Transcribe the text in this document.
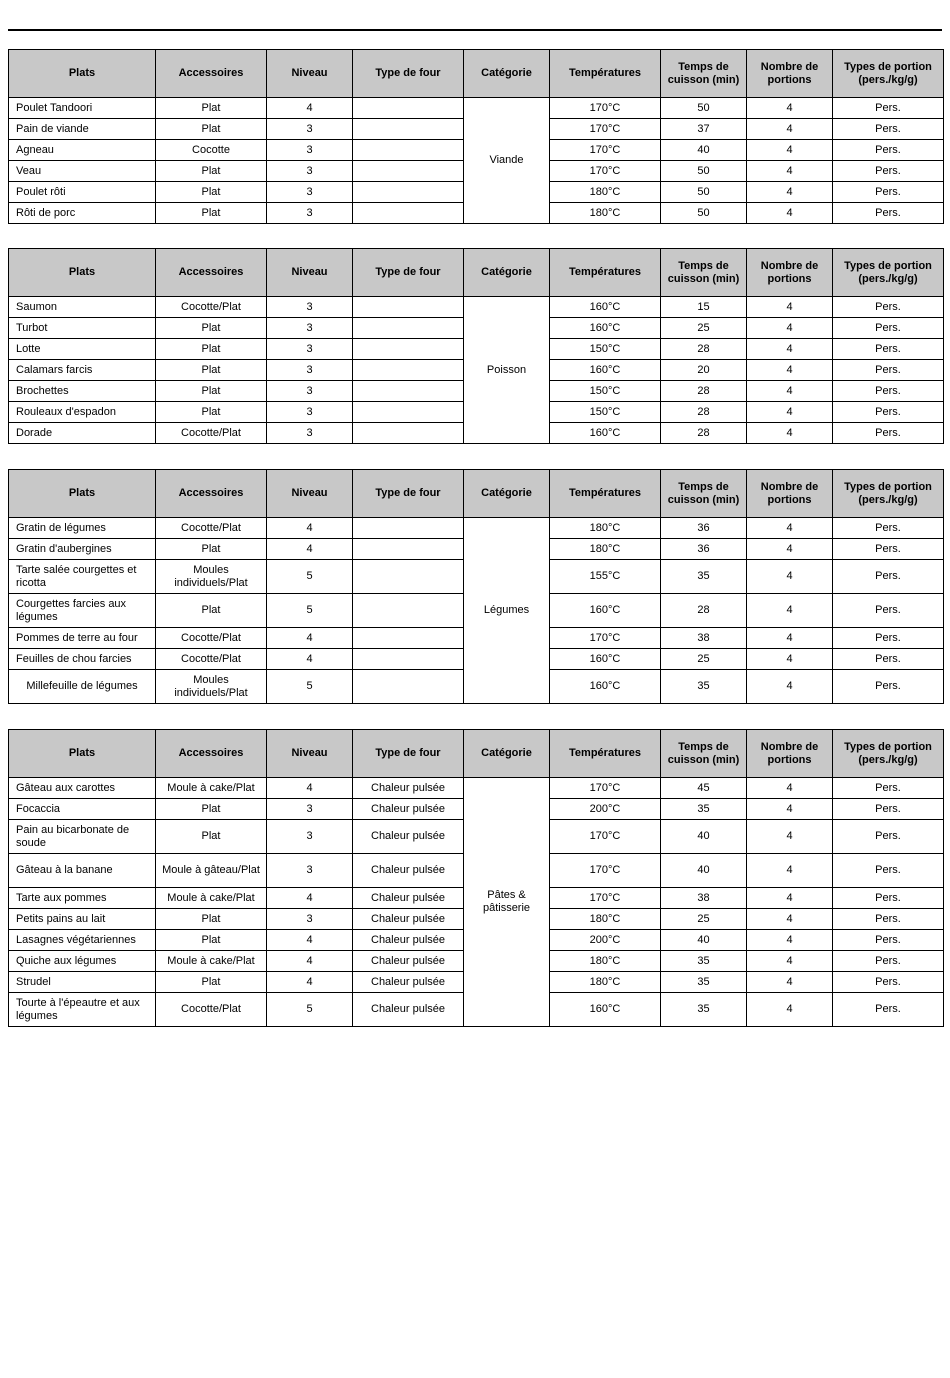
Plats	Accessoires	Niveau	Type de four	Catégorie	Températures	Temps de cuisson (min)	Nombre de portions	Types de portion (pers./kg/g)
Poulet Tandoori	Plat	4		Viande	170°C	50	4	Pers.
Pain de viande	Plat	3			170°C	37	4	Pers.
Agneau	Cocotte	3			170°C	40	4	Pers.
Veau	Plat	3			170°C	50	4	Pers.
Poulet rôti	Plat	3			180°C	50	4	Pers.
Rôti de porc	Plat	3			180°C	50	4	Pers.
Plats	Accessoires	Niveau	Type de four	Catégorie	Températures	Temps de cuisson (min)	Nombre de portions	Types de portion (pers./kg/g)
Saumon	Cocotte/Plat	3		Poisson	160°C	15	4	Pers.
Turbot	Plat	3			160°C	25	4	Pers.
Lotte	Plat	3			150°C	28	4	Pers.
Calamars farcis	Plat	3			160°C	20	4	Pers.
Brochettes	Plat	3			150°C	28	4	Pers.
Rouleaux d'espadon	Plat	3			150°C	28	4	Pers.
Dorade	Cocotte/Plat	3			160°C	28	4	Pers.
Plats	Accessoires	Niveau	Type de four	Catégorie	Températures	Temps de cuisson (min)	Nombre de portions	Types de portion (pers./kg/g)
Gratin de légumes	Cocotte/Plat	4		Légumes	180°C	36	4	Pers.
Gratin d'aubergines	Plat	4			180°C	36	4	Pers.
Tarte salée courgettes et ricotta	Moules individuels/Plat	5			155°C	35	4	Pers.
Courgettes farcies aux légumes	Plat	5			160°C	28	4	Pers.
Pommes de terre au four	Cocotte/Plat	4			170°C	38	4	Pers.
Feuilles de chou farcies	Cocotte/Plat	4			160°C	25	4	Pers.
Millefeuille de légumes	Moules individuels/Plat	5			160°C	35	4	Pers.
Plats	Accessoires	Niveau	Type de four	Catégorie	Températures	Temps de cuisson (min)	Nombre de portions	Types de portion (pers./kg/g)
Gâteau aux carottes	Moule à cake/Plat	4	Chaleur pulsée	Pâtes & pâtisserie	170°C	45	4	Pers.
Focaccia	Plat	3	Chaleur pulsée		200°C	35	4	Pers.
Pain au bicarbonate de soude	Plat	3	Chaleur pulsée		170°C	40	4	Pers.
Gâteau à la banane	Moule à gâteau/Plat	3	Chaleur pulsée		170°C	40	4	Pers.
Tarte aux pommes	Moule à cake/Plat	4	Chaleur pulsée		170°C	38	4	Pers.
Petits pains au lait	Plat	3	Chaleur pulsée		180°C	25	4	Pers.
Lasagnes végétariennes	Plat	4	Chaleur pulsée		200°C	40	4	Pers.
Quiche aux légumes	Moule à cake/Plat	4	Chaleur pulsée		180°C	35	4	Pers.
Strudel	Plat	4	Chaleur pulsée		180°C	35	4	Pers.
Tourte à l'épeautre et aux légumes	Cocotte/Plat	5	Chaleur pulsée		160°C	35	4	Pers.
